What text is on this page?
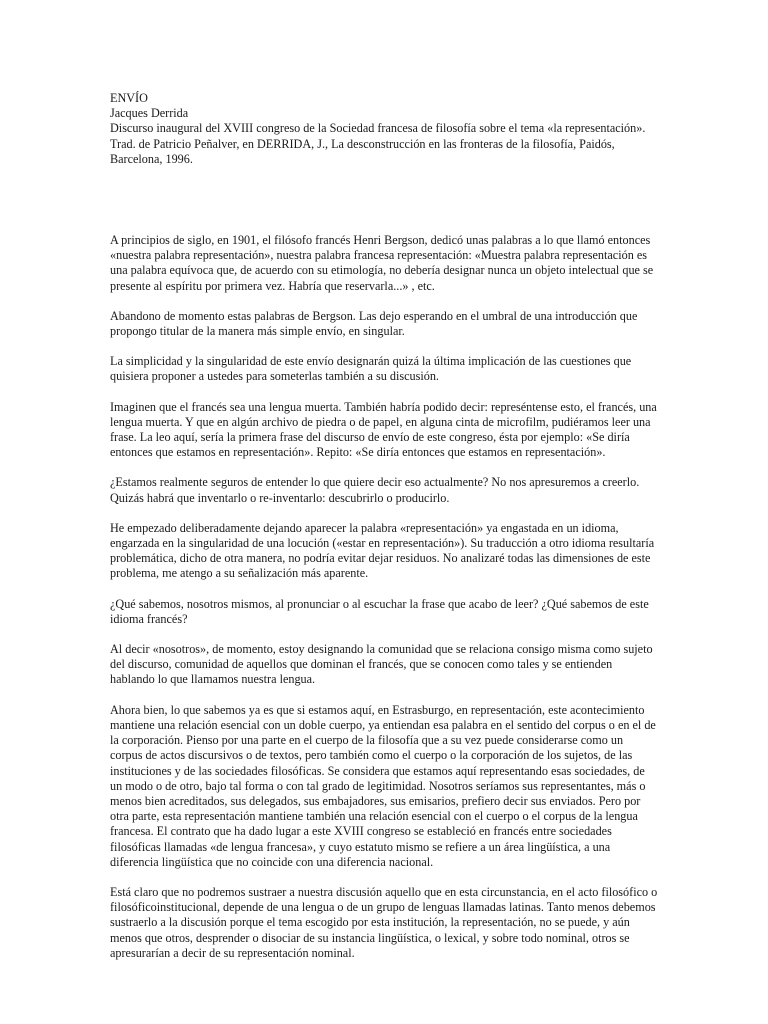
ENVÍO

Jacques Derrida

Discurso inaugural del XVIII congreso de la Sociedad francesa de filosofía sobre el tema «la representación». Trad. de Patricio Peñalver, en DERRIDA, J., La desconstrucción en las fronteras de la filosofía, Paidós, Barcelona, 1996.

A principios de siglo, en 1901, el filósofo francés Henri Bergson, dedicó unas palabras a lo que llamó entonces «nuestra palabra representación», nuestra palabra francesa representación: «Muestra palabra representación es una palabra equívoca que, de acuerdo con su etimología, no debería designar nunca un objeto intelectual que se presente al espíritu por primera vez. Habría que reservarla...» , etc.

Abandono de momento estas palabras de Bergson. Las dejo esperando en el umbral de una introducción que propongo titular de la manera más simple envío, en singular.

La simplicidad y la singularidad de este envío designarán quizá la última implicación de las cuestiones que quisiera proponer a ustedes para someterlas también a su discusión.

Imaginen que el francés sea una lengua muerta. También habría podido decir: represéntense esto, el francés, una lengua muerta. Y que en algún archivo de piedra o de papel, en alguna cinta de microfilm, pudiéramos leer una frase. La leo aquí, sería la primera frase del discurso de envío de este congreso, ésta por ejemplo: «Se diría entonces que estamos en representación». Repito: «Se diría entonces que estamos en representación».

¿Estamos realmente seguros de entender lo que quiere decir eso actualmente? No nos apresuremos a creerlo. Quizás habrá que inventarlo o re-inventarlo: descubrirlo o producirlo.

He empezado deliberadamente dejando aparecer la palabra «representación» ya engastada en un idioma, engarzada en la singularidad de una locución («estar en representación»). Su traducción a otro idioma resultaría problemática, dicho de otra manera, no podría evitar dejar residuos. No analizaré todas las dimensiones de este problema, me atengo a su señalización más aparente.

¿Qué sabemos, nosotros mismos, al pronunciar o al escuchar la frase que acabo de leer? ¿Qué sabemos de este idioma francés?

Al decir «nosotros», de momento, estoy designando la comunidad que se relaciona consigo misma como sujeto del discurso, comunidad de aquellos que dominan el francés, que se conocen como tales y se entienden hablando lo que llamamos nuestra lengua.

Ahora bien, lo que sabemos ya es que si estamos aquí, en Estrasburgo, en representación, este acontecimiento mantiene una relación esencial con un doble cuerpo, ya entiendan esa palabra en el sentido del corpus o en el de la corporación. Pienso por una parte en el cuerpo de la filosofía que a su vez puede considerarse como un corpus de actos discursivos o de textos, pero también como el cuerpo o la corporación de los sujetos, de las instituciones y de las sociedades filosóficas. Se considera que estamos aquí representando esas sociedades, de un modo o de otro, bajo tal forma o con tal grado de legitimidad. Nosotros seríamos sus representantes, más o menos bien acreditados, sus delegados, sus embajadores, sus emisarios, prefiero decir sus enviados. Pero por otra parte, esta representación mantiene también una relación esencial con el cuerpo o el corpus de la lengua francesa. El contrato que ha dado lugar a este XVIII congreso se estableció en francés entre sociedades filosóficas llamadas «de lengua francesa», y cuyo estatuto mismo se refiere a un área lingüística, a una diferencia lingüística que no coincide con una diferencia nacional.

Está claro que no podremos sustraer a nuestra discusión aquello que en esta circunstancia, en el acto filosófico o filosóficoinstitucional, depende de una lengua o de un grupo de lenguas llamadas latinas. Tanto menos debemos sustraerlo a la discusión porque el tema escogido por esta institución, la representación, no se puede, y aún menos que otros, desprender o disociar de su instancia lingüística, o lexical, y sobre todo nominal, otros se apresurarían a decir de su representación nominal.
